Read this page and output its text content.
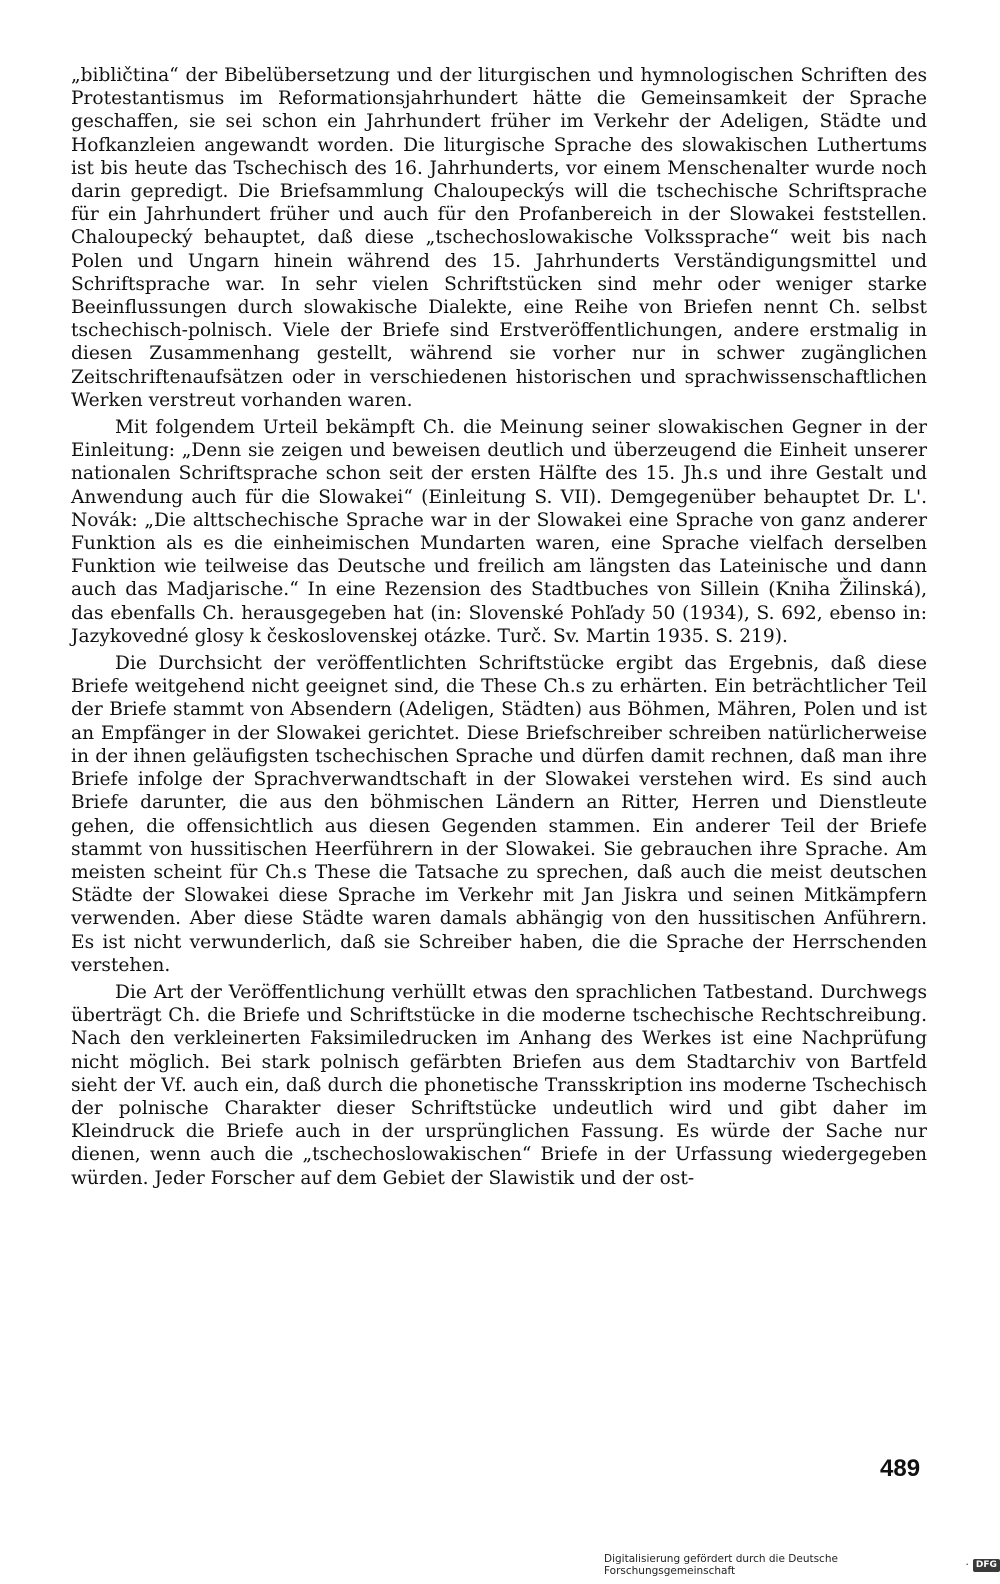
„bibličtina“ der Bibelübersetzung und der liturgischen und hymnologischen Schriften des Protestantismus im Reformationsjahrhundert hätte die Gemeinsamkeit der Sprache geschaffen, sie sei schon ein Jahrhundert früher im Verkehr der Adeligen, Städte und Hofkanzleien angewandt worden. Die liturgische Sprache des slowakischen Luthertums ist bis heute das Tschechisch des 16. Jahrhunderts, vor einem Menschenalter wurde noch darin gepredigt. Die Briefsammlung Chaloupeckýs will die tschechische Schriftsprache für ein Jahrhundert früher und auch für den Profanbereich in der Slowakei feststellen. Chaloupecký behauptet, daß diese „tschechoslowakische Volkssprache“ weit bis nach Polen und Ungarn hinein während des 15. Jahrhunderts Verständigungsmittel und Schriftsprache war. In sehr vielen Schriftstücken sind mehr oder weniger starke Beeinflussungen durch slowakische Dialekte, eine Reihe von Briefen nennt Ch. selbst tschechisch-polnisch. Viele der Briefe sind Erstveröffentlichungen, andere erstmalig in diesen Zusammenhang gestellt, während sie vorher nur in schwer zugänglichen Zeitschriftenaufsätzen oder in verschiedenen historischen und sprachwissenschaftlichen Werken verstreut vorhanden waren.

Mit folgendem Urteil bekämpft Ch. die Meinung seiner slowakischen Gegner in der Einleitung: „Denn sie zeigen und beweisen deutlich und überzeugend die Einheit unserer nationalen Schriftsprache schon seit der ersten Hälfte des 15. Jh.s und ihre Gestalt und Anwendung auch für die Slowakei“ (Einleitung S. VII). Demgegenüber behauptet Dr. L'. Novák: „Die alttschechische Sprache war in der Slowakei eine Sprache von ganz anderer Funktion als es die einheimischen Mundarten waren, eine Sprache vielfach derselben Funktion wie teilweise das Deutsche und freilich am längsten das Lateinische und dann auch das Madjarische.“ In eine Rezension des Stadtbuches von Sillein (Kniha Žilinská), das ebenfalls Ch. herausgegeben hat (in: Slovenské Pohľady 50 (1934), S. 692, ebenso in: Jazykovedné glosy k československej otázke. Turč. Sv. Martin 1935. S. 219).

Die Durchsicht der veröffentlichten Schriftstücke ergibt das Ergebnis, daß diese Briefe weitgehend nicht geeignet sind, die These Ch.s zu erhärten. Ein beträchtlicher Teil der Briefe stammt von Absendern (Adeligen, Städten) aus Böhmen, Mähren, Polen und ist an Empfänger in der Slowakei gerichtet. Diese Briefschreiber schreiben natürlicherweise in der ihnen geläufigsten tschechischen Sprache und dürfen damit rechnen, daß man ihre Briefe infolge der Sprachverwandtschaft in der Slowakei verstehen wird. Es sind auch Briefe darunter, die aus den böhmischen Ländern an Ritter, Herren und Dienstleute gehen, die offensichtlich aus diesen Gegenden stammen. Ein anderer Teil der Briefe stammt von hussitischen Heerführern in der Slowakei. Sie gebrauchen ihre Sprache. Am meisten scheint für Ch.s These die Tatsache zu sprechen, daß auch die meist deutschen Städte der Slowakei diese Sprache im Verkehr mit Jan Jiskra und seinen Mitkämpfern verwenden. Aber diese Städte waren damals abhängig von den hussitischen Anführern. Es ist nicht verwunderlich, daß sie Schreiber haben, die die Sprache der Herrschenden verstehen.

Die Art der Veröffentlichung verhüllt etwas den sprachlichen Tatbestand. Durchwegs überträgt Ch. die Briefe und Schriftstücke in die moderne tschechische Rechtschreibung. Nach den verkleinerten Faksimiledrucken im Anhang des Werkes ist eine Nachprüfung nicht möglich. Bei stark polnisch gefärbten Briefen aus dem Stadtarchiv von Bartfeld sieht der Vf. auch ein, daß durch die phonetische Transskription ins moderne Tschechisch der polnische Charakter dieser Schriftstücke undeutlich wird und gibt daher im Kleindruck die Briefe auch in der ursprünglichen Fassung. Es würde der Sache nur dienen, wenn auch die „tschechoslowakischen“ Briefe in der Urfassung wiedergegeben würden. Jeder Forscher auf dem Gebiet der Slawistik und der ost-

489
Digitalisierung gefördert durch die Deutsche Forschungsgemeinschaft	· DFG
